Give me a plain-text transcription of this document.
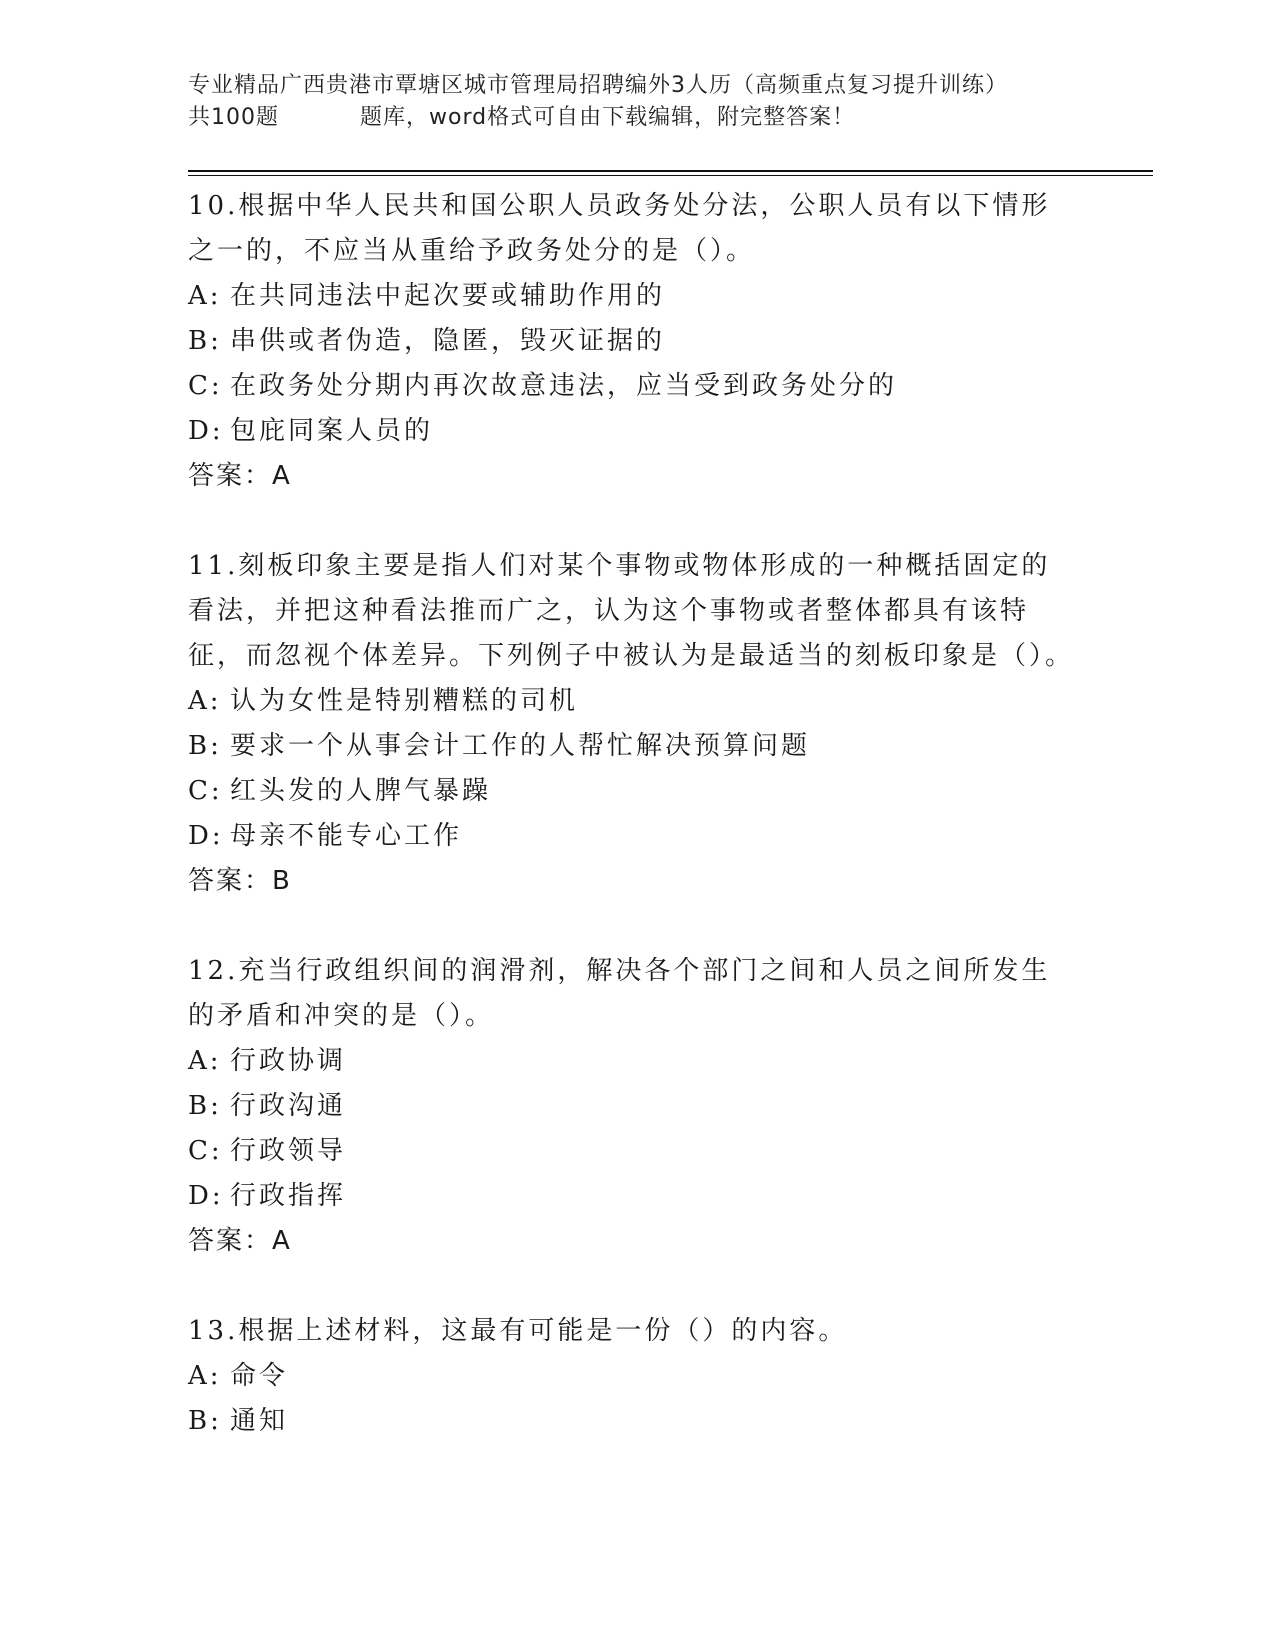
专业精品广西贵港市覃塘区城市管理局招聘编外3人历（高频重点复习提升训练）
共100题	题库，word格式可自由下载编辑，附完整答案！
10.根据中华人民共和国公职人员政务处分法，公职人员有以下情形之一的，不应当从重给予政务处分的是（）。
A: 在共同违法中起次要或辅助作用的
B: 串供或者伪造，隐匿，毁灭证据的
C: 在政务处分期内再次故意违法，应当受到政务处分的
D: 包庇同案人员的
答案：A
11.刻板印象主要是指人们对某个事物或物体形成的一种概括固定的看法，并把这种看法推而广之，认为这个事物或者整体都具有该特征，而忽视个体差异。下列例子中被认为是最适当的刻板印象是（）。
A: 认为女性是特别糟糕的司机
B: 要求一个从事会计工作的人帮忙解决预算问题
C: 红头发的人脾气暴躁
D: 母亲不能专心工作
答案：B
12.充当行政组织间的润滑剂，解决各个部门之间和人员之间所发生的矛盾和冲突的是（）。
A: 行政协调
B: 行政沟通
C: 行政领导
D: 行政指挥
答案：A
13.根据上述材料，这最有可能是一份（）的内容。
A: 命令
B: 通知
